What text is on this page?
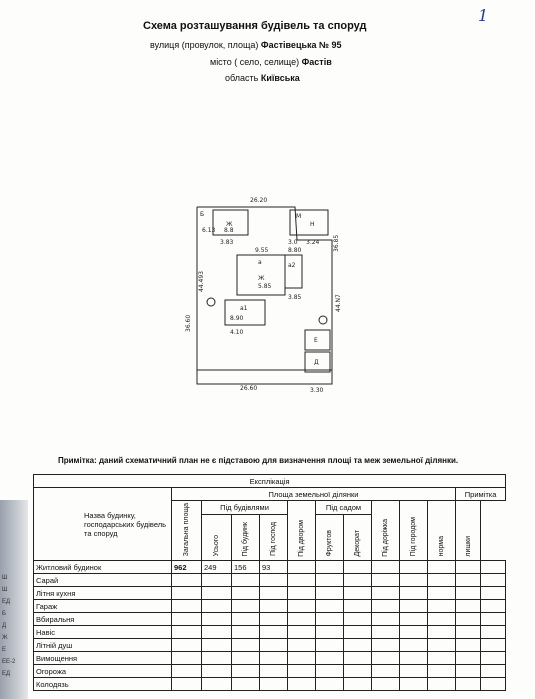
1
Схема розташування будівель та споруд
вулиця (провулок, площа) Фастівецька № 95
місто ( село, селище) Фастів
область Київська
26.20
6.13
3.83
9.55	8.80
3.0 3.24 36.85
36.60
44.493
8.90
4.10
3.85
3.30
26.60
44.N7
Ж
8.8
М
Н
а	а2
Ж
5.85
а1
Е
Д
Б
Примітка: даний схематичний план не є підставою для визначення площі та меж земельної ділянки.
Експлікація												
Назва будинку, господарських будівель та споруд	Площа земельної ділянки										Примітка	
	Загальна площа	Під будівлями			Під двором	Під садом		Під доріжка	Під городом	норма	лишки	
		Усього	Під будинк	Під господ		Фруктов	Декорат					
Житловий будинок	962	249	156	93								
Сарай												
Літня кухня												
Гараж												
Вбиральня												
Навіс												
Літній душ												
Вимощення												
Огорожа												
Колодязь												
Ш
Ш
ЕД
Б
Д
Ж
Е
ЕЕ-2
ЕД
